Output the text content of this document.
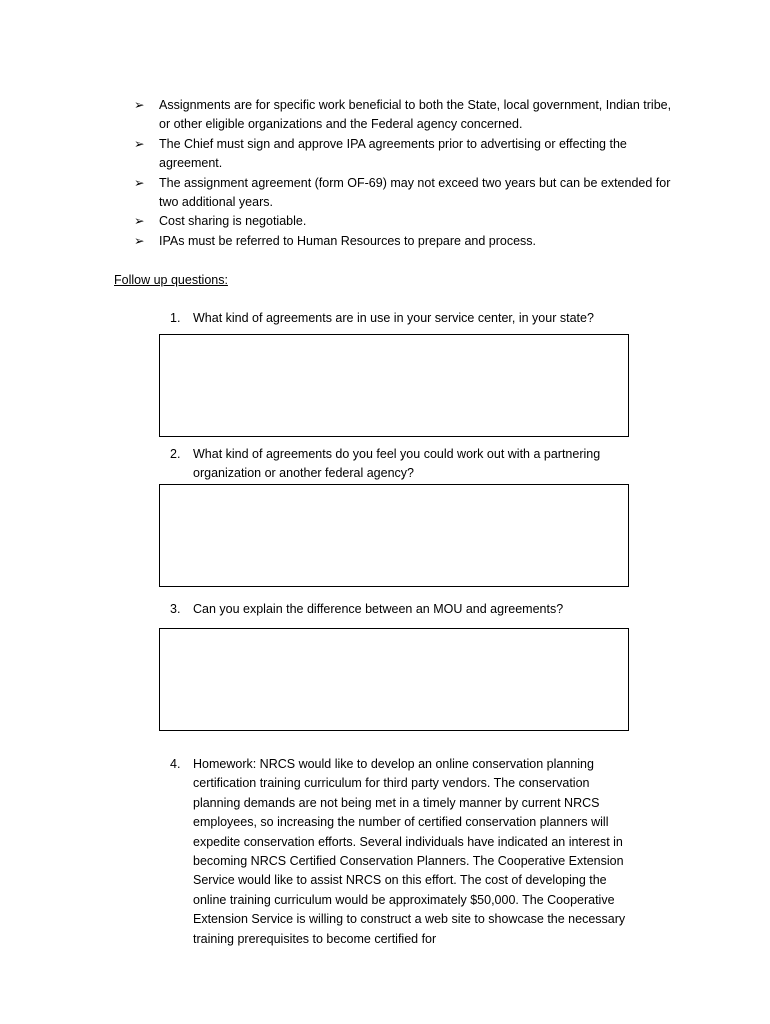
➢ Assignments are for specific work beneficial to both the State, local government, Indian tribe, or other eligible organizations and the Federal agency concerned.
➢ The Chief must sign and approve IPA agreements prior to advertising or effecting the agreement.
➢ The assignment agreement (form OF-69) may not exceed two years but can be extended for two additional years.
➢ Cost sharing is negotiable.
➢ IPAs must be referred to Human Resources to prepare and process.
Follow up questions:
1. What kind of agreements are in use in your service center, in your state?
2. What kind of agreements do you feel you could work out with a partnering organization or another federal agency?
3. Can you explain the difference between an MOU and agreements?
4. Homework: NRCS would like to develop an online conservation planning certification training curriculum for third party vendors. The conservation planning demands are not being met in a timely manner by current NRCS employees, so increasing the number of certified conservation planners will expedite conservation efforts. Several individuals have indicated an interest in becoming NRCS Certified Conservation Planners. The Cooperative Extension Service would like to assist NRCS on this effort. The cost of developing the online training curriculum would be approximately $50,000. The Cooperative Extension Service is willing to construct a web site to showcase the necessary training prerequisites to become certified for
